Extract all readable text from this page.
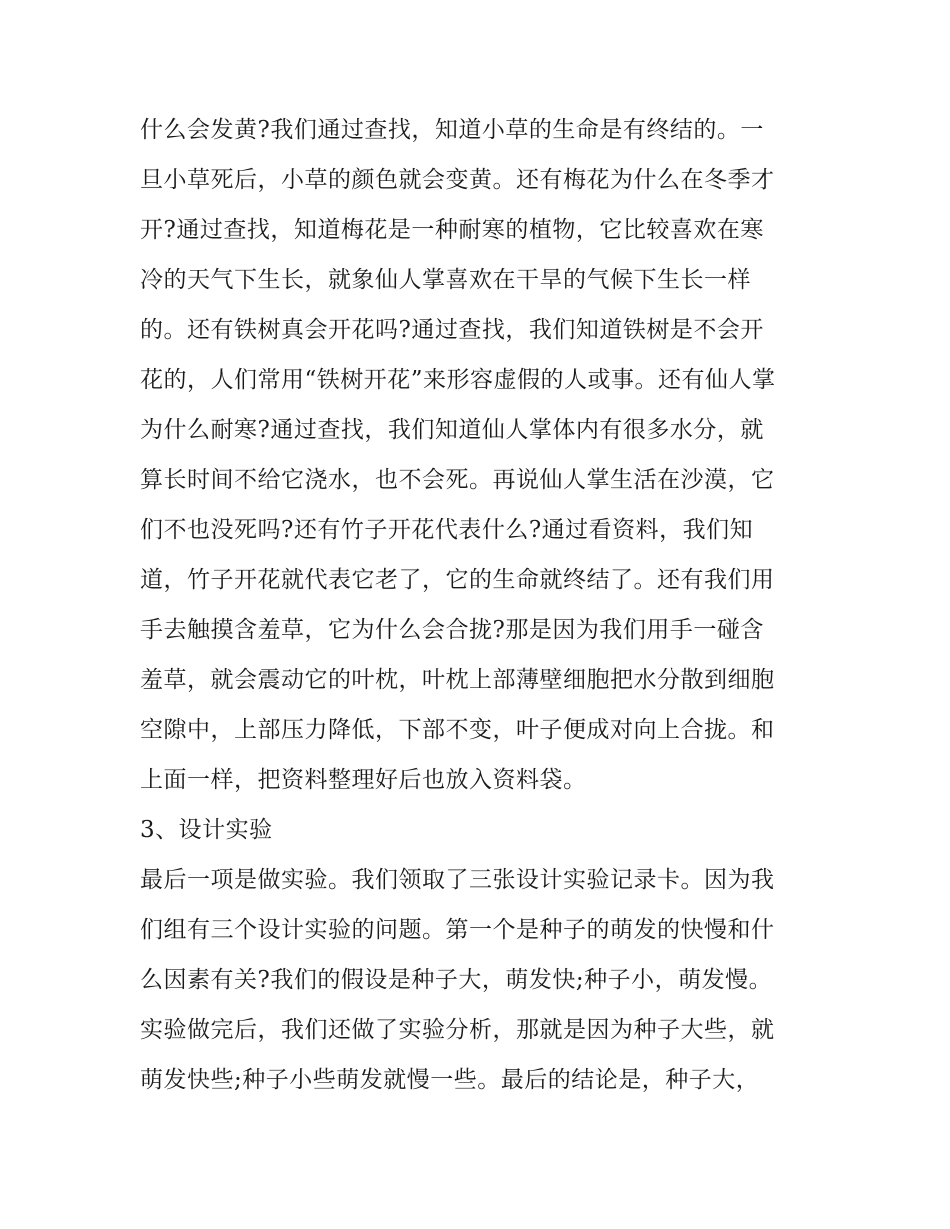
什么会发黄?我们通过查找，知道小草的生命是有终结的。一
旦小草死后，小草的颜色就会变黄。还有梅花为什么在冬季才
开?通过查找，知道梅花是一种耐寒的植物，它比较喜欢在寒
冷的天气下生长，就象仙人掌喜欢在干旱的气候下生长一样
的。还有铁树真会开花吗?通过查找，我们知道铁树是不会开
花的，人们常用“铁树开花”来形容虚假的人或事。还有仙人掌
为什么耐寒?通过查找，我们知道仙人掌体内有很多水分，就
算长时间不给它浇水，也不会死。再说仙人掌生活在沙漠，它
们不也没死吗?还有竹子开花代表什么?通过看资料，我们知
道，竹子开花就代表它老了，它的生命就终结了。还有我们用
手去触摸含羞草，它为什么会合拢?那是因为我们用手一碰含
羞草，就会震动它的叶枕，叶枕上部薄壁细胞把水分散到细胞
空隙中，上部压力降低，下部不变，叶子便成对向上合拢。和
上面一样，把资料整理好后也放入资料袋。
3、设计实验
最后一项是做实验。我们领取了三张设计实验记录卡。因为我
们组有三个设计实验的问题。第一个是种子的萌发的快慢和什
么因素有关?我们的假设是种子大，萌发快;种子小，萌发慢。
实验做完后，我们还做了实验分析，那就是因为种子大些，就
萌发快些;种子小些萌发就慢一些。最后的结论是，种子大，
